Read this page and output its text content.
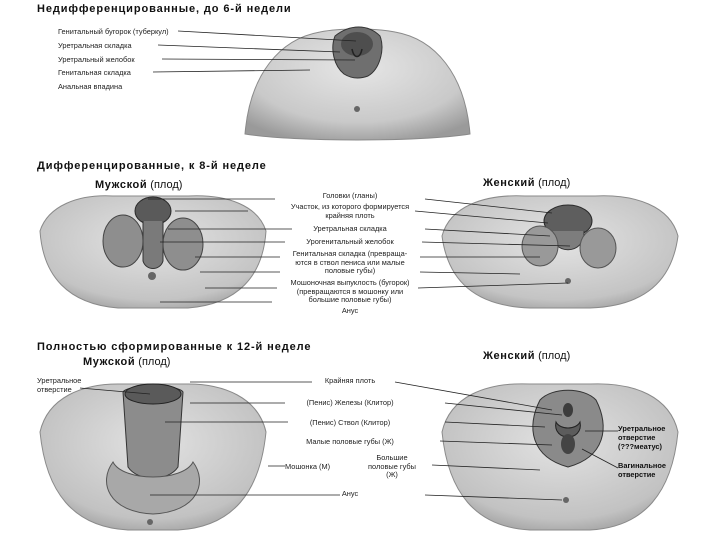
Недифференцированные, до 6-й недели
Генитальный бугорок (туберкул)
Уретральная складка
Уретральный желобок
Генитальная складка
Анальная впадина
Дифференцированные, к 8-й неделе
Мужской (плод)	Женский (плод)
Головки (гланы)
Участок, из которого формируется
крайняя плоть
Уретральная складка
Урогенитальный желобок
Генитальная складка (превраща-
ются в ствол пениса или малые
половые губы)
Мошоночная выпуклость (бугорок)
(превращаются в мошонку или
большие половые губы)
Анус
Полностью сформированные к 12-й неделе
Мужской (плод)	Женский (плод)
Уретральное
отверстие
Крайняя плоть
(Пенис) Железы (Клитор)
(Пенис) Ствол (Клитор)
Малые половые губы (Ж)
Мошонка (М)
Большие
половые губы
(Ж)
Анус
Уретральное
отверстие
(???меатус)
Вагинальное
отверстие
